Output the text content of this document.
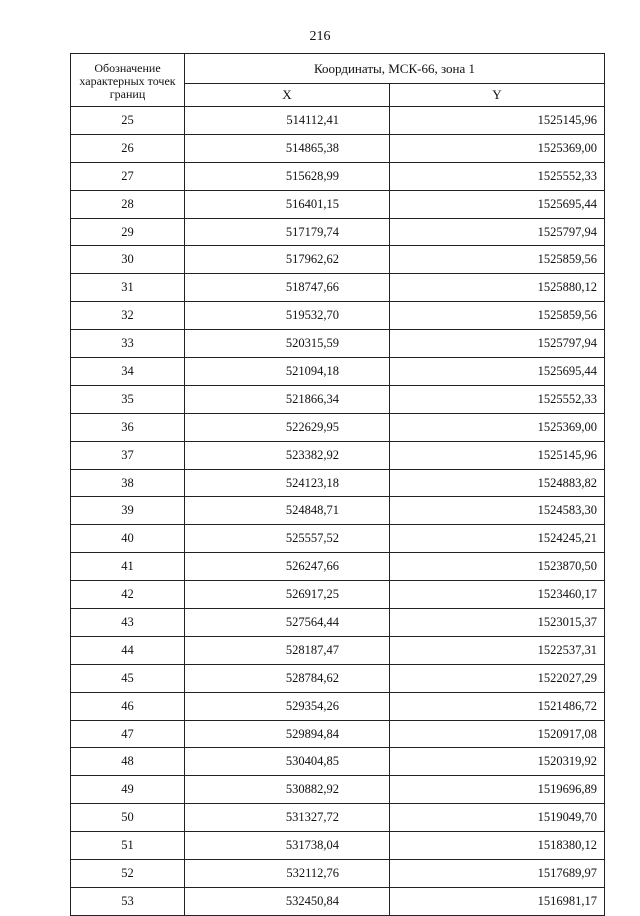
216
Обозначение характерных точек границ	Координаты, МСК-66, зона 1	
	X	Y
25	514112,41	1525145,96
26	514865,38	1525369,00
27	515628,99	1525552,33
28	516401,15	1525695,44
29	517179,74	1525797,94
30	517962,62	1525859,56
31	518747,66	1525880,12
32	519532,70	1525859,56
33	520315,59	1525797,94
34	521094,18	1525695,44
35	521866,34	1525552,33
36	522629,95	1525369,00
37	523382,92	1525145,96
38	524123,18	1524883,82
39	524848,71	1524583,30
40	525557,52	1524245,21
41	526247,66	1523870,50
42	526917,25	1523460,17
43	527564,44	1523015,37
44	528187,47	1522537,31
45	528784,62	1522027,29
46	529354,26	1521486,72
47	529894,84	1520917,08
48	530404,85	1520319,92
49	530882,92	1519696,89
50	531327,72	1519049,70
51	531738,04	1518380,12
52	532112,76	1517689,97
53	532450,84	1516981,17
